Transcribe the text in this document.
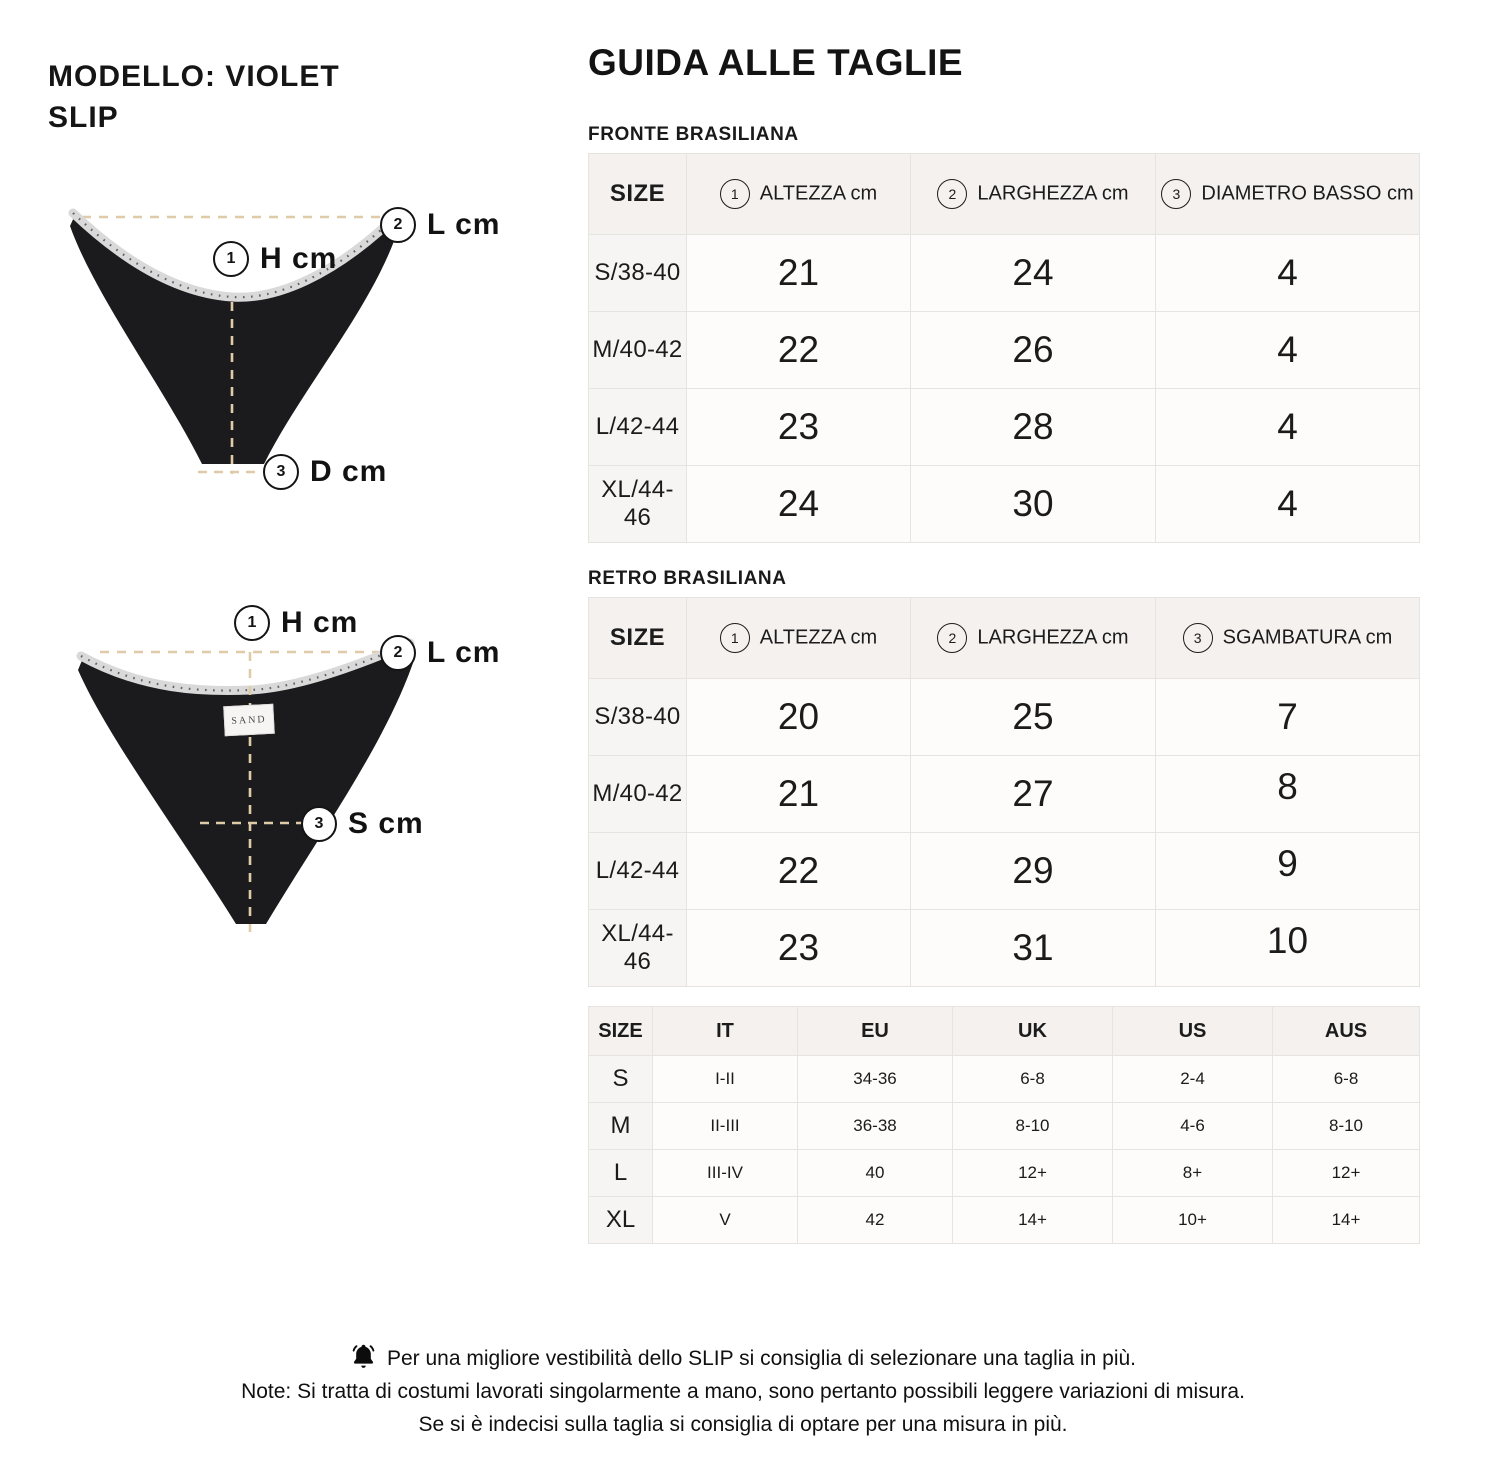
MODELLO: VIOLET
SLIP
1 H cm
2 L cm
3 D cm
SAND
1 H cm
2 L cm
3 S cm
GUIDA ALLE TAGLIE
FRONTE BRASILIANA
SIZE	1 ALTEZZA cm	2 LARGHEZZA cm	3 DIAMETRO BASSO cm
S/38-40	21	24	4
M/40-42	22	26	4
L/42-44	23	28	4
XL/44-46	24	30	4
RETRO BRASILIANA
SIZE	1 ALTEZZA cm	2 LARGHEZZA cm	3 SGAMBATURA cm
S/38-40	20	25	7
M/40-42	21	27	8
L/42-44	22	29	9
XL/44-46	23	31	10
SIZE	IT	EU	UK	US	AUS
S	I-II	34-36	6-8	2-4	6-8
M	II-III	36-38	8-10	4-6	8-10
L	III-IV	40	12+	8+	12+
XL	V	42	14+	10+	14+
Per una migliore vestibilità dello SLIP si consiglia di selezionare una taglia in più.
Note: Si tratta di costumi lavorati singolarmente a mano, sono pertanto possibili leggere variazioni di misura.
Se si è indecisi sulla taglia si consiglia di optare per una misura in più.
